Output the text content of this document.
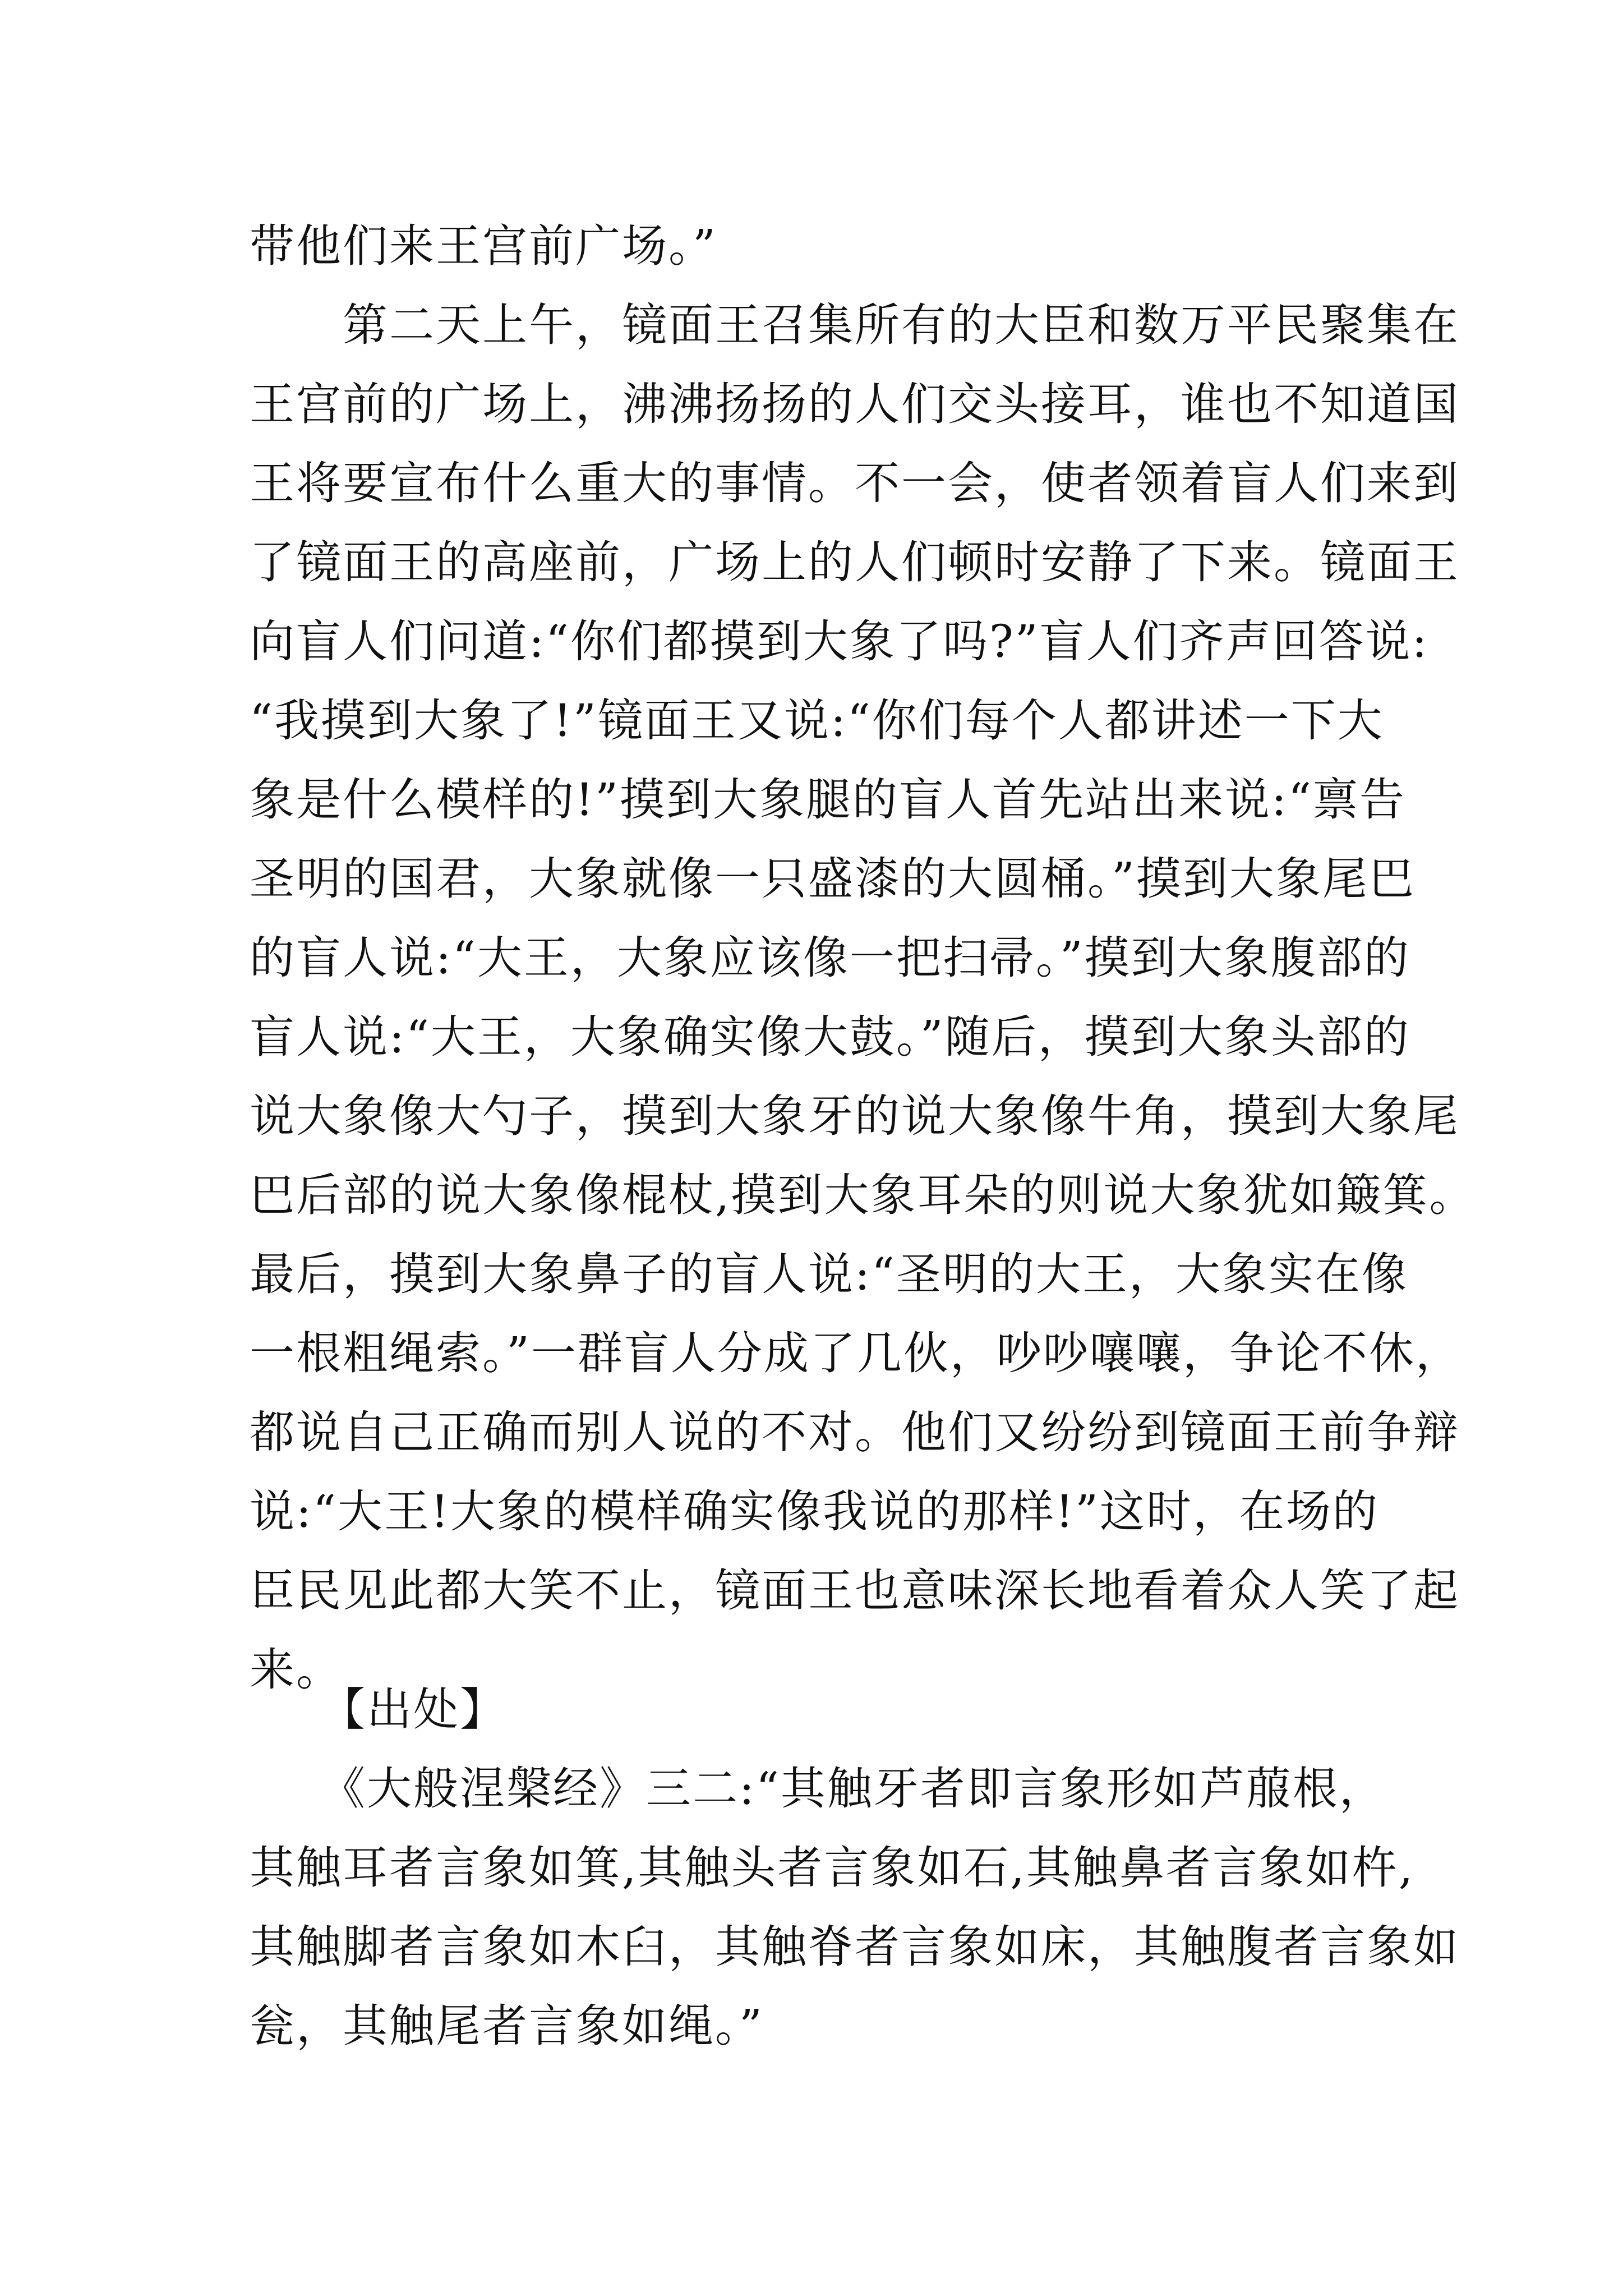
带他们来王宫前广场。”
　　第二天上午，镜面王召集所有的大臣和数万平民聚集在
王宫前的广场上，沸沸扬扬的人们交头接耳，谁也不知道国
王将要宣布什么重大的事情。不一会，使者领着盲人们来到
了镜面王的高座前，广场上的人们顿时安静了下来。镜面王
向盲人们问道:“你们都摸到大象了吗?”盲人们齐声回答说:
“我摸到大象了!”镜面王又说:“你们每个人都讲述一下大
象是什么模样的!”摸到大象腿的盲人首先站出来说:“禀告
圣明的国君，大象就像一只盛漆的大圆桶。”摸到大象尾巴
的盲人说:“大王，大象应该像一把扫帚。”摸到大象腹部的
盲人说:“大王，大象确实像大鼓。”随后，摸到大象头部的
说大象像大勺子，摸到大象牙的说大象像牛角，摸到大象尾
巴后部的说大象像棍杖,摸到大象耳朵的则说大象犹如簸箕。
最后，摸到大象鼻子的盲人说:“圣明的大王，大象实在像
一根粗绳索。”一群盲人分成了几伙，吵吵嚷嚷，争论不休，
都说自己正确而别人说的不对。他们又纷纷到镜面王前争辩
说:“大王!大象的模样确实像我说的那样!”这时，在场的
臣民见此都大笑不止，镜面王也意味深长地看着众人笑了起
来。
　　【出处】
　　《大般涅槃经》三二:“其触牙者即言象形如芦菔根，
其触耳者言象如箕,其触头者言象如石,其触鼻者言象如杵,
其触脚者言象如木臼，其触脊者言象如床，其触腹者言象如
瓮，其触尾者言象如绳。”
